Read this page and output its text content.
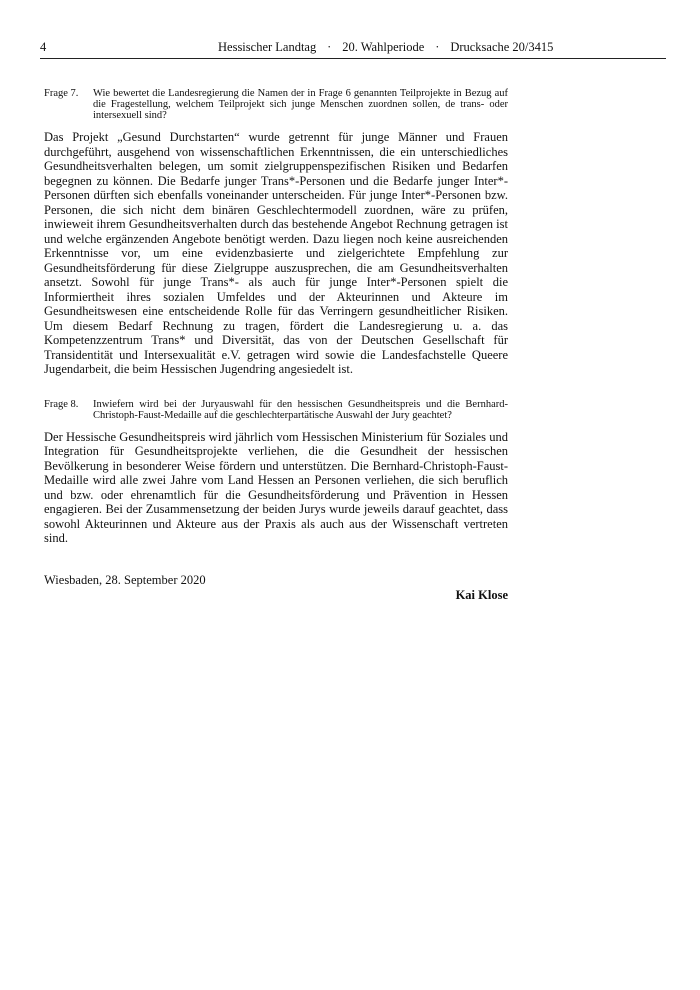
4	Hessischer Landtag · 20. Wahlperiode · Drucksache 20/3415
Frage 7.	Wie bewertet die Landesregierung die Namen der in Frage 6 genannten Teilprojekte in Bezug auf die Fragestellung, welchem Teilprojekt sich junge Menschen zuordnen sollen, de trans- oder intersexuell sind?
Das Projekt „Gesund Durchstarten“ wurde getrennt für junge Männer und Frauen durchgeführt, ausgehend von wissenschaftlichen Erkenntnissen, die ein unterschiedliches Gesundheitsverhalten belegen, um somit zielgruppenspezifischen Risiken und Bedarfen begegnen zu können. Die Bedarfe junger Trans*-Personen und die Bedarfe junger Inter*-Personen dürften sich ebenfalls voneinander unterscheiden. Für junge Inter*-Personen bzw. Personen, die sich nicht dem binären Geschlechtermodell zuordnen, wäre zu prüfen, inwieweit ihrem Gesundheitsverhalten durch das bestehende Angebot Rechnung getragen ist und welche ergänzenden Angebote benötigt werden. Dazu liegen noch keine ausreichenden Erkenntnisse vor, um eine evidenzbasierte und zielgerichtete Empfehlung zur Gesundheitsförderung für diese Zielgruppe auszusprechen, die am Gesundheitsverhalten ansetzt. Sowohl für junge Trans*- als auch für junge Inter*-Personen spielt die Informiertheit ihres sozialen Umfeldes und der Akteurinnen und Akteure im Gesundheitswesen eine entscheidende Rolle für das Verringern gesundheitlicher Risiken. Um diesem Bedarf Rechnung zu tragen, fördert die Landesregierung u. a. das Kompetenzzentrum Trans* und Diversität, das von der Deutschen Gesellschaft für Transidentität und Intersexualität e.V. getragen wird sowie die Landesfachstelle Queere Jugendarbeit, die beim Hessischen Jugendring angesiedelt ist.
Frage 8.	Inwiefern wird bei der Juryauswahl für den hessischen Gesundheitspreis und die Bernhard-Christoph-Faust-Medaille auf die geschlechterpartätische Auswahl der Jury geachtet?
Der Hessische Gesundheitspreis wird jährlich vom Hessischen Ministerium für Soziales und Integration für Gesundheitsprojekte verliehen, die die Gesundheit der hessischen Bevölkerung in besonderer Weise fördern und unterstützen. Die Bernhard-Christoph-Faust-Medaille wird alle zwei Jahre vom Land Hessen an Personen verliehen, die sich beruflich und bzw. oder ehrenamtlich für die Gesundheitsförderung und Prävention in Hessen engagieren. Bei der Zusammensetzung der beiden Jurys wurde jeweils darauf geachtet, dass sowohl Akteurinnen und Akteure aus der Praxis als auch aus der Wissenschaft vertreten sind.
Wiesbaden, 28. September 2020
Kai Klose
